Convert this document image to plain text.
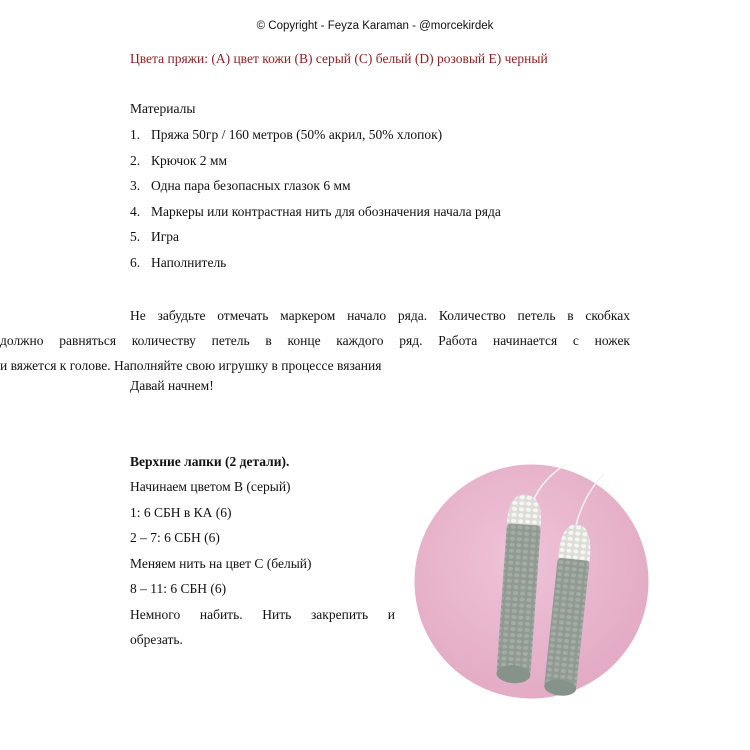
© Copyright - Feyza Karaman - @morcekirdek
Цвета пряжи: (A) цвет кожи (B) серый (C) белый (D) розовый E) черный
Материалы
1. Пряжа 50гр / 160 метров (50% акрил, 50% хлопок)
2. Крючок 2 мм
3. Одна пара безопасных глазок 6 мм
4. Маркеры или контрастная нить для обозначения начала ряда
5. Игра
6. Наполнитель
Не забудьте отмечать маркером начало ряда. Количество петель в скобках
должно равняться количеству петель в конце каждого ряд. Работа начинается с ножек
и вяжется к голове. Наполняйте свою игрушку в процессе вязания
Давай начнем!
Верхние лапки (2 детали).
Начинаем цветом B (серый)
1: 6 СБН в КА (6)
2 – 7: 6 СБН (6)
Меняем нить на цвет C (белый)
8 – 11: 6 СБН (6)
Немного набить. Нить закрепить и
обрезать.
